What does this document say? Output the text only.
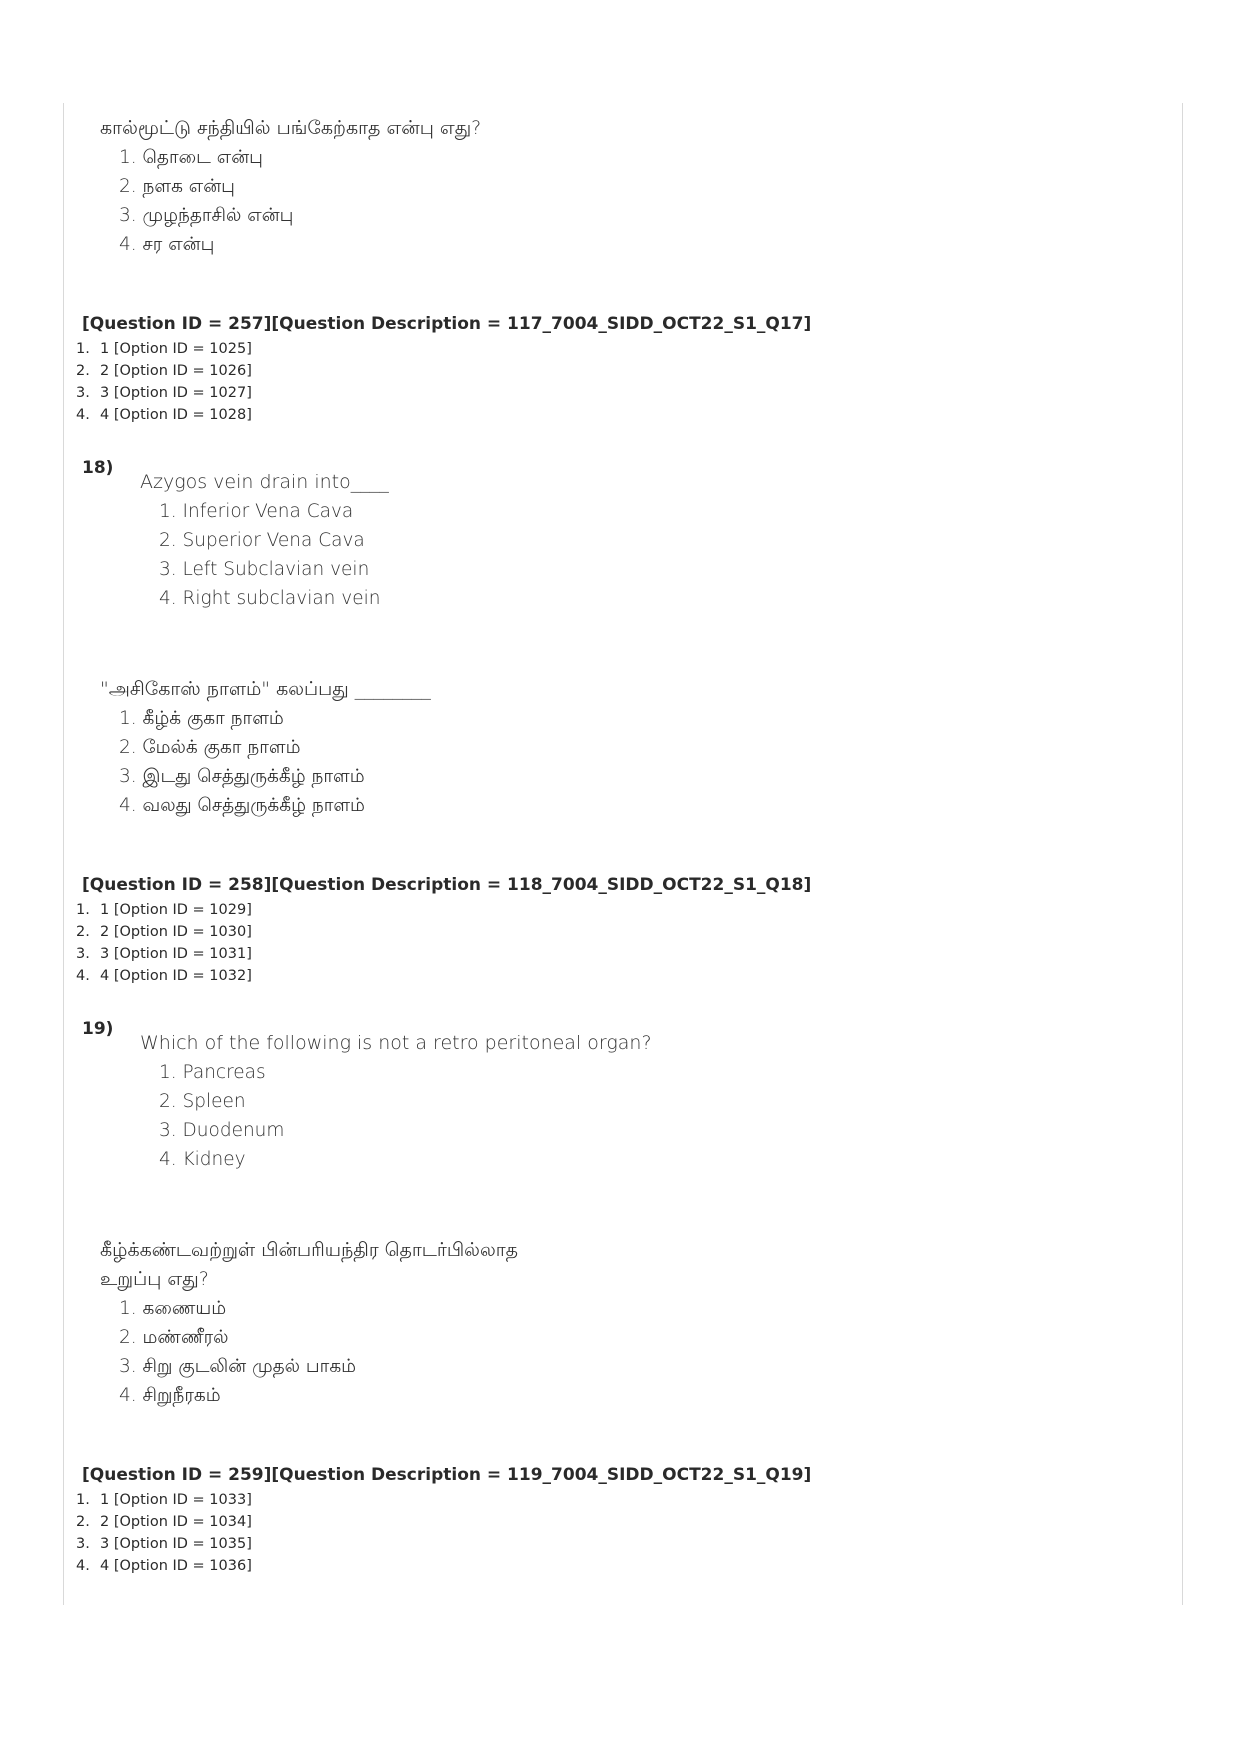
கால்மூட்டு சந்தியில் பங்கேற்காத என்பு எது?
1. தொடை என்பு
2. நளக என்பு
3. முழந்தாசில் என்பு
4. சர என்பு
[Question ID = 257][Question Description = 117_7004_SIDD_OCT22_S1_Q17]
1. 1 [Option ID = 1025]
2. 2 [Option ID = 1026]
3. 3 [Option ID = 1027]
4. 4 [Option ID = 1028]
18)
Azygos vein drain into____
1. Inferior Vena Cava
2. Superior Vena Cava
3. Left Subclavian vein
4. Right subclavian vein
"அசிகோஸ் நாளம்" கலப்பது ________
1. கீழ்க் குகா நாளம்
2. மேல்க் குகா நாளம்
3. இடது செத்துருக்கீழ் நாளம்
4. வலது செத்துருக்கீழ் நாளம்
[Question ID = 258][Question Description = 118_7004_SIDD_OCT22_S1_Q18]
1. 1 [Option ID = 1029]
2. 2 [Option ID = 1030]
3. 3 [Option ID = 1031]
4. 4 [Option ID = 1032]
19)
Which of the following is not a retro peritoneal organ?
1. Pancreas
2. Spleen
3. Duodenum
4. Kidney
கீழ்க்கண்டவற்றுள் பின்பரியந்திர தொடர்பில்லாத
உறுப்பு எது?
1. கணையம்
2. மண்ணீரல்
3. சிறு குடலின் முதல் பாகம்
4. சிறுநீரகம்
[Question ID = 259][Question Description = 119_7004_SIDD_OCT22_S1_Q19]
1. 1 [Option ID = 1033]
2. 2 [Option ID = 1034]
3. 3 [Option ID = 1035]
4. 4 [Option ID = 1036]
